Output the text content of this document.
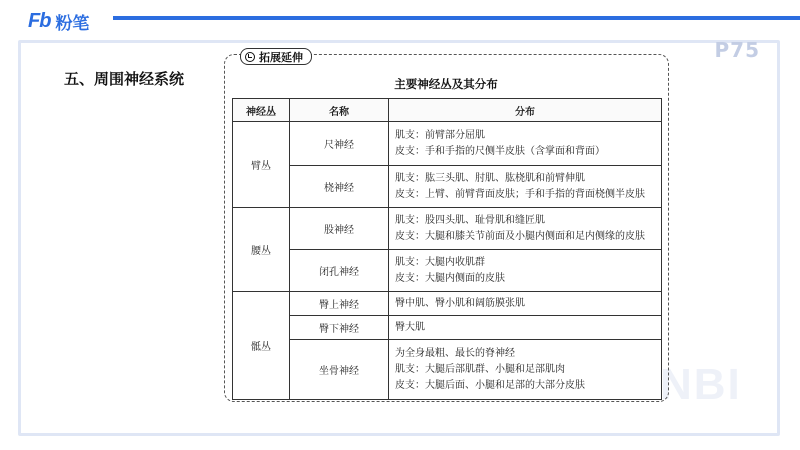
Fb 粉笔
P75
NBI
五、周围神经系统
拓展延伸
主要神经丛及其分布
神经丛	名称	分布
臂丛	尺神经	肌支：前臂部分屈肌
皮支：手和手指的尺侧半皮肤（含掌面和背面）

	桡神经	肌支：肱三头肌、肘肌、肱桡肌和前臂伸肌
皮支：上臂、前臂背面皮肤；手和手指的背面桡侧半皮肤

腰丛	股神经	肌支：股四头肌、耻骨肌和缝匠肌
皮支：大腿和膝关节前面及小腿内侧面和足内侧缘的皮肤

	闭孔神经	肌支：大腿内收肌群
皮支：大腿内侧面的皮肤

骶丛	臀上神经	臀中肌、臀小肌和阔筋膜张肌

	臀下神经	臀大肌

	坐骨神经	为全身最粗、最长的脊神经
肌支：大腿后部肌群、小腿和足部肌肉
皮支：大腿后面、小腿和足部的大部分皮肤
